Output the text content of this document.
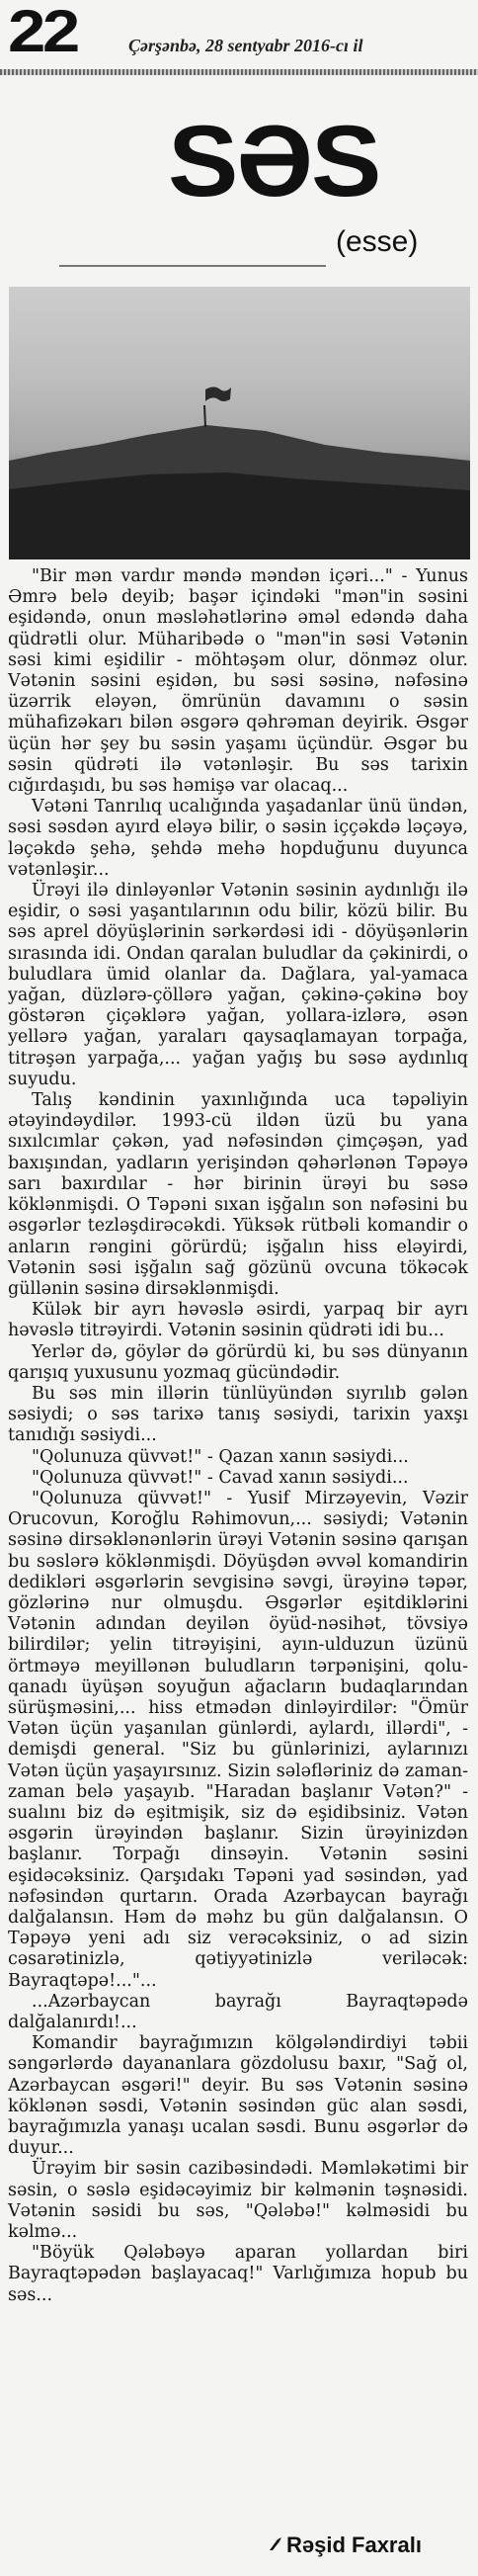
22	Çərşənbə, 28 sentyabr 2016-cı il
SƏS
(esse)

"Bir mən vardır məndə məndən içəri..." - Yunus Əmrə belə deyib; başər içindəki "mən"in səsini eşidəndə, onun məsləhətlərinə əməl edəndə daha qüdrətli olur. Müharibədə o "mən"in səsi Vətənin səsi kimi eşidilir - möhtəşəm olur, dönməz olur. Vətənin səsini eşidən, bu səsi səsinə, nəfəsinə üzərrik eləyən, ömrünün davamını o səsin mühafizəkarı bilən əsgərə qəhrəman deyirik. Əsgər üçün hər şey bu səsin yaşamı üçündür. Əsgər bu səsin qüdrəti ilə vətənləşir. Bu səs tarixin cığırdaşıdı, bu səs həmişə var olacaq...

Vətəni Tanrılıq ucalığında yaşadanlar ünü ündən, səsi səsdən ayırd eləyə bilir, o səsin iççəkdə ləçəyə, ləçəkdə şehə, şehdə mehə hopduğunu duyunca vətənləşir...

Ürəyi ilə dinləyənlər Vətənin səsinin aydınlığı ilə eşidir, o səsi yaşantılarının odu bilir, közü bilir. Bu səs aprel döyüşlərinin sərkərdəsi idi - döyüşənlərin sırasında idi. Ondan qaralan buludlar da çəkinirdi, o buludlara ümid olanlar da. Dağlara, yal-yamaca yağan, düzlərə-çöllərə yağan, çəkinə-çəkinə boy göstərən çiçəklərə yağan, yollara-izlərə, əsən yellərə yağan, yaraları qaysaqlamayan torpağa, titrəşən yarpağa,... yağan yağış bu səsə aydınlıq suyudu.

Talış kəndinin yaxınlığında uca təpəliyin ətəyindəydilər. 1993-cü ildən üzü bu yana sıxılcımlar çəkən, yad nəfəsindən çimçəşən, yad baxışından, yadların yerişindən qəhərlənən Təpəyə sarı baxırdılar - hər birinin ürəyi bu səsə köklənmişdi. O Təpəni sıxan işğalın son nəfəsini bu əsgərlər tezləşdirəcəkdi. Yüksək rütbəli komandir o anların rəngini görürdü; işğalın hiss eləyirdi, Vətənin səsi işğalın sağ gözünü ovcuna tökəcək güllənin səsinə dirsəklənmişdi.

Külək bir ayrı həvəslə əsirdi, yarpaq bir ayrı həvəslə titrəyirdi. Vətənin səsinin qüdrəti idi bu...

Yerlər də, göylər də görürdü ki, bu səs dünyanın qarışıq yuxusunu yozmaq gücündədir.

Bu səs min illərin tünlüyündən sıyrılıb gələn səsiydi; o səs tarixə tanış səsiydi, tarixin yaxşı tanıdığı səsiydi...

"Qolunuza qüvvət!" - Qazan xanın səsiydi...

"Qolunuza qüvvət!" - Cavad xanın səsiydi...

"Qolunuza qüvvət!" - Yusif Mirzəyevin, Vəzir Orucovun, Koroğlu Rəhimovun,... səsiydi; Vətənin səsinə dirsəklənənlərin ürəyi Vətənin səsinə qarışan bu səslərə köklənmişdi. Döyüşdən əvvəl komandirin dedikləri əsgərlərin sevgisinə səvgi, ürəyinə təpər, gözlərinə nur olmuşdu. Əsgərlər eşitdiklərini Vətənin adından deyilən öyüd-nəsihət, tövsiyə bilirdilər; yelin titrəyişini, ayın-ulduzun üzünü örtməyə meyillənən buludların tərpənişini, qolu-qanadı üyüşən soyuğun ağacların budaqlarından sürüşməsini,... hiss etmədən dinləyirdilər: "Ömür Vətən üçün yaşanılan günlərdi, aylardı, illərdi", - demişdi general. "Siz bu günlərinizi, aylarınızı Vətən üçün yaşayırsınız. Sizin sələfləriniz də zaman-zaman belə yaşayıb. "Haradan başlanır Vətən?" - sualını biz də eşitmişik, siz də eşidibsiniz. Vətən əsgərin ürəyindən başlanır. Sizin ürəyinizdən başlanır. Torpağı dinsəyin. Vətənin səsini eşidəcəksiniz. Qarşıdakı Təpəni yad səsindən, yad nəfəsindən qurtarın. Orada Azərbaycan bayrağı dalğalansın. Həm də məhz bu gün dalğalansın. O Təpəyə yeni adı siz verəcəksiniz, o ad sizin cəsarətinizlə, qətiyyətinizlə veriləcək: Bayraqtəpə!..."...

...Azərbaycan bayrağı Bayraqtəpədə dalğalanırdı!...

Komandir bayrağımızın kölgələndirdiyi təbii səngərlərdə dayananlara gözdolusu baxır, "Sağ ol, Azərbaycan əsgəri!" deyir. Bu səs Vətənin səsinə köklənən səsdi, Vətənin səsindən güc alan səsdi, bayrağımızla yanaşı ucalan səsdi. Bunu əsgərlər də duyur...

Ürəyim bir səsin cazibəsindədi. Məmləkətimi bir səsin, o səslə eşidəcəyimiz bir kəlmənin təşnəsidi. Vətənin səsidi bu səs, "Qələbə!" kəlməsidi bu kəlmə...

"Böyük Qələbəyə aparan yollardan biri Bayraqtəpədən başlayacaq!" Varlığımıza hopub bu səs...

Rəşid Faxralı
